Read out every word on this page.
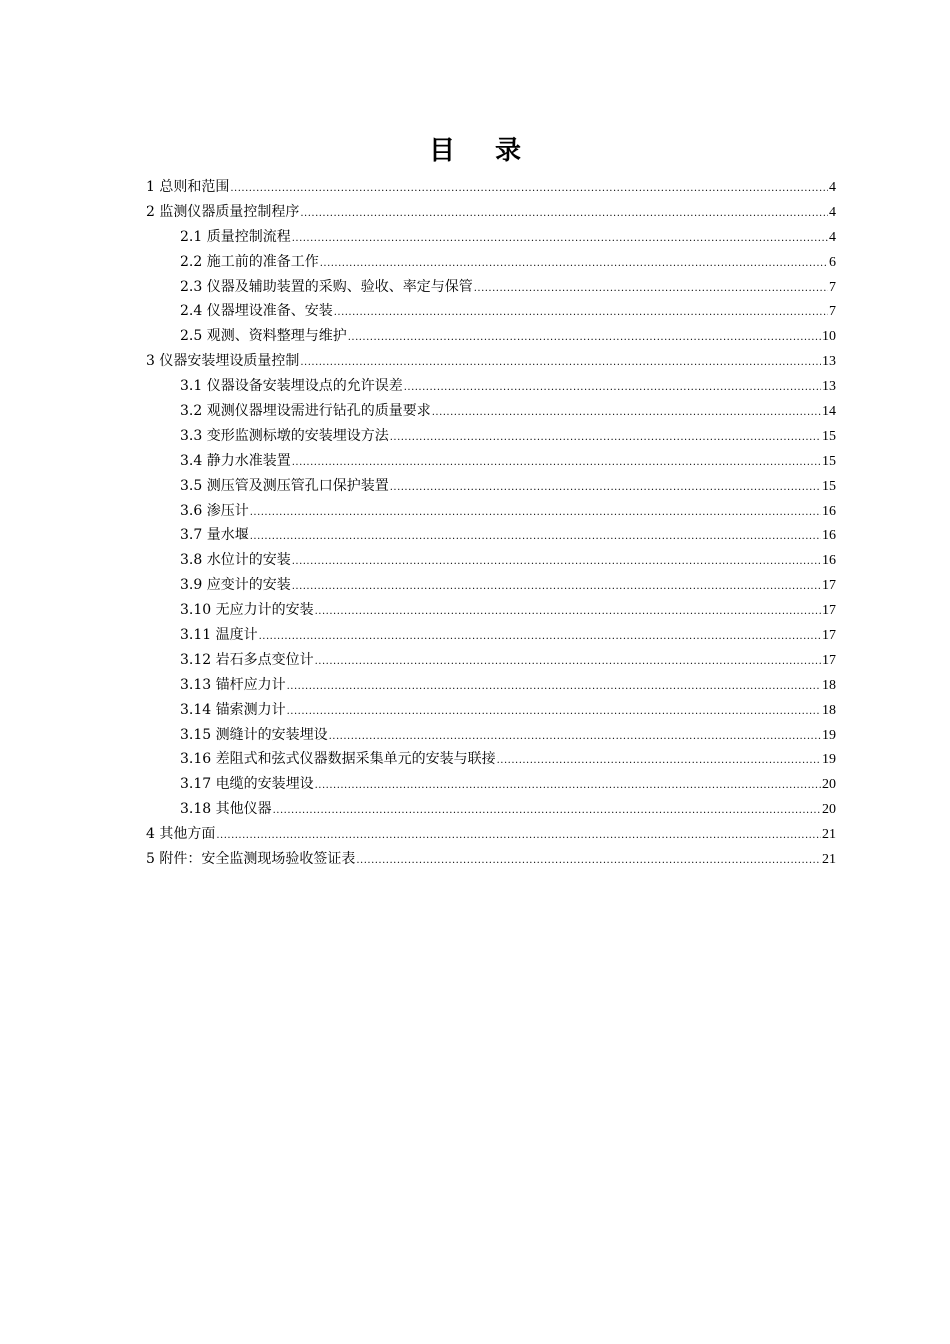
目 录
1 总则和范围 .....	4
2 监测仪器质量控制程序 .....	4
2.1 质量控制流程 .....	4
2.2 施工前的准备工作 .....	6
2.3 仪器及辅助装置的采购、验收、率定与保管 .....	7
2.4 仪器埋设准备、安装 .....	7
2.5 观测、资料整理与维护 .....	10
3 仪器安装埋设质量控制 .....	13
3.1 仪器设备安装埋设点的允许误差 .....	13
3.2 观测仪器埋设需进行钻孔的质量要求 .....	14
3.3 变形监测标墩的安装埋设方法 .....	15
3.4 静力水准装置 .....	15
3.5 测压管及测压管孔口保护装置 .....	15
3.6 渗压计 .....	16
3.7 量水堰 .....	16
3.8 水位计的安装 .....	16
3.9 应变计的安装 .....	17
3.10 无应力计的安装 .....	17
3.11 温度计 .....	17
3.12 岩石多点变位计 .....	17
3.13 锚杆应力计 .....	18
3.14 锚索测力计 .....	18
3.15 测缝计的安装埋设 .....	19
3.16 差阻式和弦式仪器数据采集单元的安装与联接 .....	19
3.17 电缆的安装埋设 .....	20
3.18 其他仪器 .....	20
4 其他方面 .....	21
5 附件：安全监测现场验收签证表 .....	21
